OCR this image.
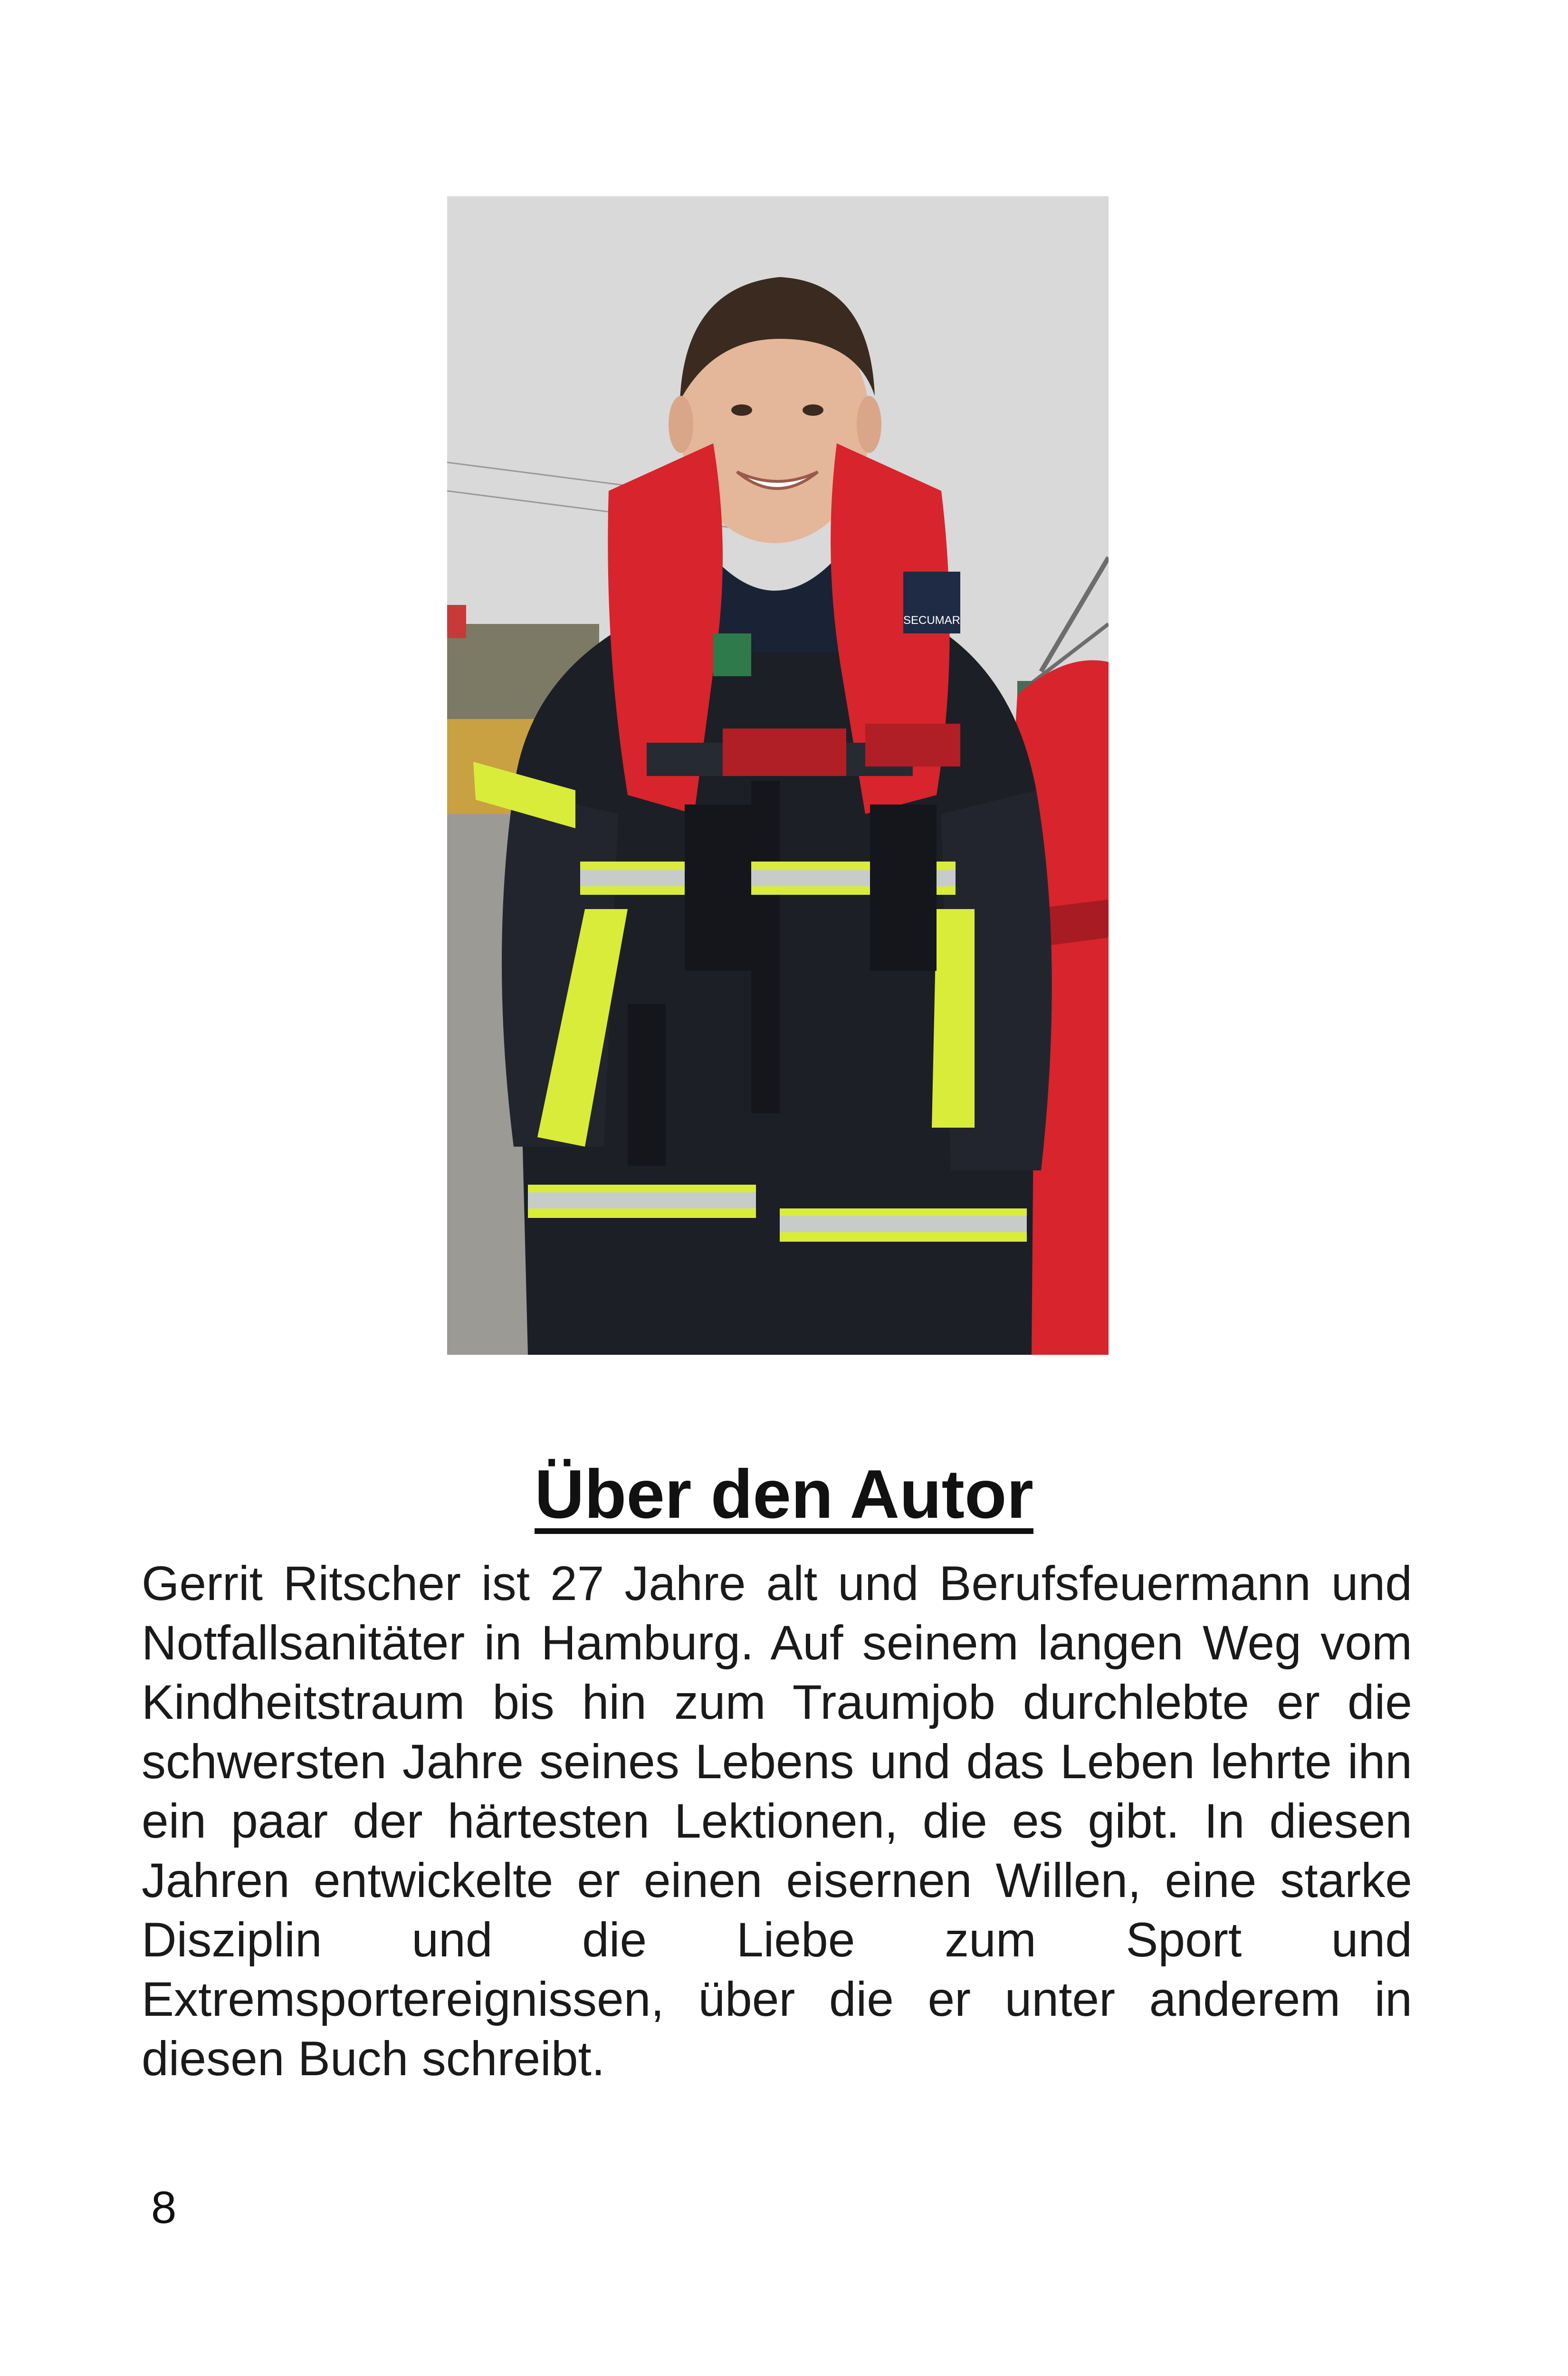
SECUMAR
Über den Autor

Gerrit Ritscher ist 27 Jahre alt und Berufsfeuermann und Notfallsanitäter in Hamburg. Auf seinem langen Weg vom Kindheitstraum bis hin zum Traumjob durchlebte er die schwersten Jahre seines Lebens und das Leben lehrte ihn ein paar der härtesten Lektionen, die es gibt. In diesen Jahren entwickelte er einen eisernen Willen, eine starke Disziplin und die Liebe zum Sport und Extremsportereignissen, über die er unter anderem in diesen Buch schreibt.

8
